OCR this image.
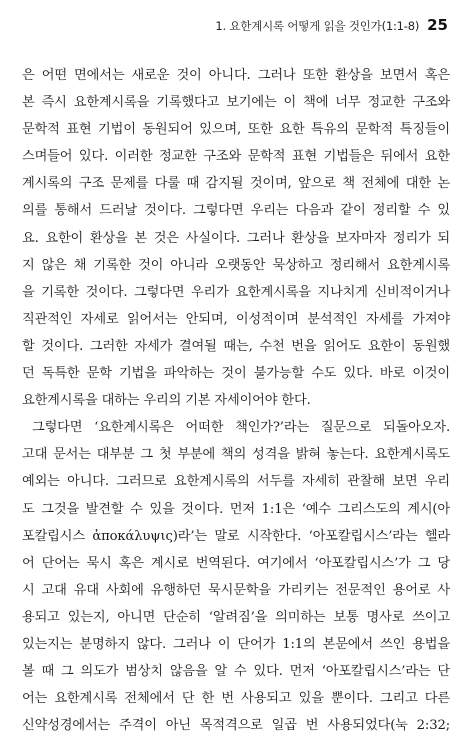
1. 요한계시록 어떻게 읽을 것인가(1:1-8) 25
은 어떤 면에서는 새로운 것이 아니다. 그러나 또한 환상을 보면서 혹은
본 즉시 요한계시록을 기록했다고 보기에는 이 책에 너무 정교한 구조와
문학적 표현 기법이 동원되어 있으며, 또한 요한 특유의 문학적 특징들이
스며들어 있다. 이러한 정교한 구조와 문학적 표현 기법들은 뒤에서 요한
계시록의 구조 문제를 다룰 때 감지될 것이며, 앞으로 책 전체에 대한 논
의를 통해서 드러날 것이다. 그렇다면 우리는 다음과 같이 정리할 수 있
요. 요한이 환상을 본 것은 사실이다. 그러나 환상을 보자마자 정리가 되
지 않은 채 기록한 것이 아니라 오랫동안 묵상하고 정리해서 요한계시록
을 기록한 것이다. 그렇다면 우리가 요한계시록을 지나치게 신비적이거나
직관적인 자세로 읽어서는 안되며, 이성적이며 분석적인 자세를 가져야
할 것이다. 그러한 자세가 결여될 때는, 수천 번을 읽어도 요한이 동원했
던 독특한 문학 기법을 파악하는 것이 불가능할 수도 있다. 바로 이것이
요한계시록을 대하는 우리의 기본 자세이어야 한다.
그렇다면 ‘요한계시록은 어떠한 책인가?’라는 질문으로 되돌아오자.
고대 문서는 대부분 그 첫 부분에 책의 성격을 밝혀 놓는다. 요한계시록도
예외는 아니다. 그러므로 요한계시록의 서두를 자세히 관찰해 보면 우리
도 그것을 발견할 수 있을 것이다. 먼저 1:1은 ‘예수 그리스도의 계시(아
포칼립시스 ἀποκάλυψις)라’는 말로 시작한다. ‘아포칼립시스’라는 헬라
어 단어는 묵시 혹은 계시로 번역된다. 여기에서 ‘아포칼립시스’가 그 당
시 고대 유대 사회에 유행하던 묵시문학을 가리키는 전문적인 용어로 사
용되고 있는지, 아니면 단순히 ‘알려짐’을 의미하는 보통 명사로 쓰이고
있는지는 분명하지 않다. 그러나 이 단어가 1:1의 본문에서 쓰인 용법을
볼 때 그 의도가 범상치 않음을 알 수 있다. 먼저 ‘아포칼립시스’라는 단
어는 요한계시록 전체에서 단 한 번 사용되고 있을 뿐이다. 그리고 다른
신약성경에서는 주격이 아닌 목적격으로 일곱 번 사용되었다(눅 2:32;
